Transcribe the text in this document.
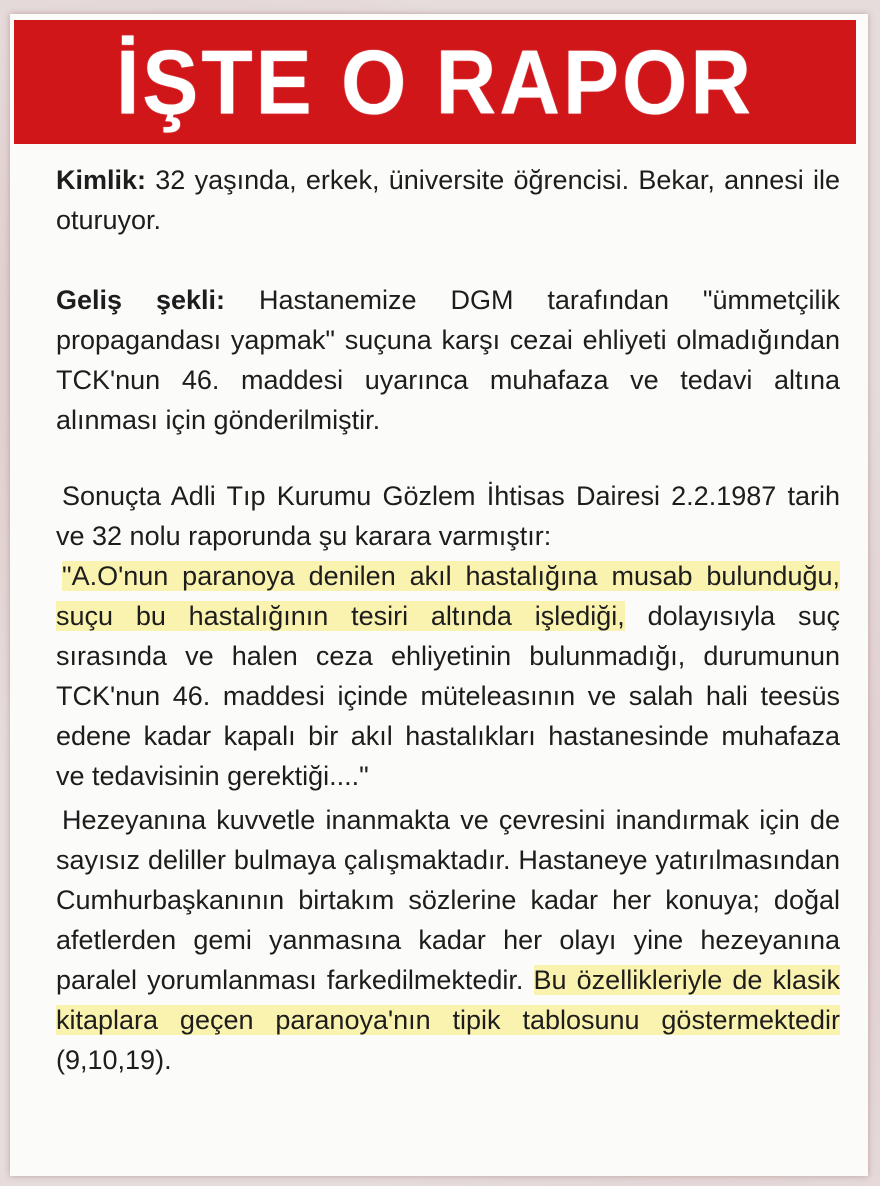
İŞTE O RAPOR

Kimlik: 32 yaşında, erkek, üniversite öğrencisi. Bekar, annesi ile oturuyor.

Geliş şekli: Hastanemize DGM tarafından "ümmetçilik propagandası yapmak" suçuna karşı cezai ehliyeti olmadığından TCK'nun 46. maddesi uyarınca muhafaza ve tedavi altına alınması için gönderilmiştir.

Sonuçta Adli Tıp Kurumu Gözlem İhtisas Dairesi 2.2.1987 tarih ve 32 nolu raporunda şu karara varmıştır:

"A.O'nun paranoya denilen akıl hastalığına musab bulunduğu, suçu bu hastalığının tesiri altında işlediği, dolayısıyla suç sırasında ve halen ceza ehliyetinin bulunmadığı, durumunun TCK'nun 46. maddesi içinde müteleasının ve salah hali teesüs edene kadar kapalı bir akıl hastalıkları hastanesinde muhafaza ve tedavisinin gerektiği...."

Hezeyanına kuvvetle inanmakta ve çevresini inandırmak için de sayısız deliller bulmaya çalışmaktadır. Hastaneye yatırılmasından Cumhurbaşkanının birtakım sözlerine kadar her konuya; doğal afetlerden gemi yanmasına kadar her olayı yine hezeyanına paralel yorumlanması farkedilmektedir. Bu özellikleriyle de klasik kitaplara geçen paranoya'nın tipik tablosunu göstermektedir (9,10,19).
